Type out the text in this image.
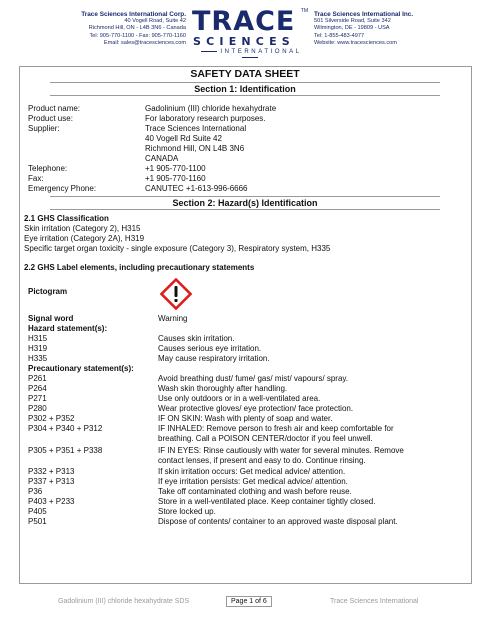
Trace Sciences International Corp.
40 Vogell Road, Suite 42
Richmond Hill, ON - L4B 3N6 - Canada
Tel: 905-770-1100 - Fax: 905-770-1160
Email: sales@tracesciences.com
TRACE TM
SCIENCES
INTERNATIONAL
Trace Sciences International Inc.
501 Silverside Road, Suite 342
Wilmington, DE - 19809 - USA
Tel: 1-855-483-4977
Website: www.tracesciences.com
SAFETY DATA SHEET
Section 1: Identification
Product name:	Gadolinium (III) chloride hexahydrate
Product use:	For laboratory research purposes.
Supplier:	Trace Sciences International
40 Vogell Rd Suite 42
Richmond Hill, ON L4B 3N6
CANADA
Telephone:	+1 905-770-1100
Fax:	+1 905-770-1160
Emergency Phone:	CANUTEC +1-613-996-6666
Section 2: Hazard(s) Identification
2.1 GHS Classification
Skin irritation (Category 2), H315
Eye irritation (Category 2A), H319
Specific target organ toxicity - single exposure (Category 3), Respiratory system, H335
2.2 GHS Label elements, including precautionary statements
Pictogram
Signal word	Warning
Hazard statement(s):
H315	Causes skin irritation.
H319	Causes serious eye irritation.
H335	May cause respiratory irritation.
Precautionary statement(s):
P261	Avoid breathing dust/ fume/ gas/ mist/ vapours/ spray.
P264	Wash skin thoroughly after handling.
P271	Use only outdoors or in a well-ventilated area.
P280	Wear protective gloves/ eye protection/ face protection.
P302 + P352	IF ON SKIN: Wash with plenty of soap and water.
P304 + P340 + P312	IF INHALED: Remove person to fresh air and keep comfortable for
breathing. Call a POISON CENTER/doctor if you feel unwell.
P305 + P351 + P338	IF IN EYES: Rinse cautiously with water for several minutes. Remove
contact lenses, if present and easy to do. Continue rinsing.
P332 + P313	If skin irritation occurs: Get medical advice/ attention.
P337 + P313	If eye irritation persists: Get medical advice/ attention.
P36	Take off contaminated clothing and wash before reuse.
P403 + P233	Store in a well-ventilated place. Keep container tightly closed.
P405	Store locked up.
P501	Dispose of contents/ container to an approved waste disposal plant.
Gadolinium (III) chloride hexahydrate SDS	Page 1 of 6	Trace Sciences International
